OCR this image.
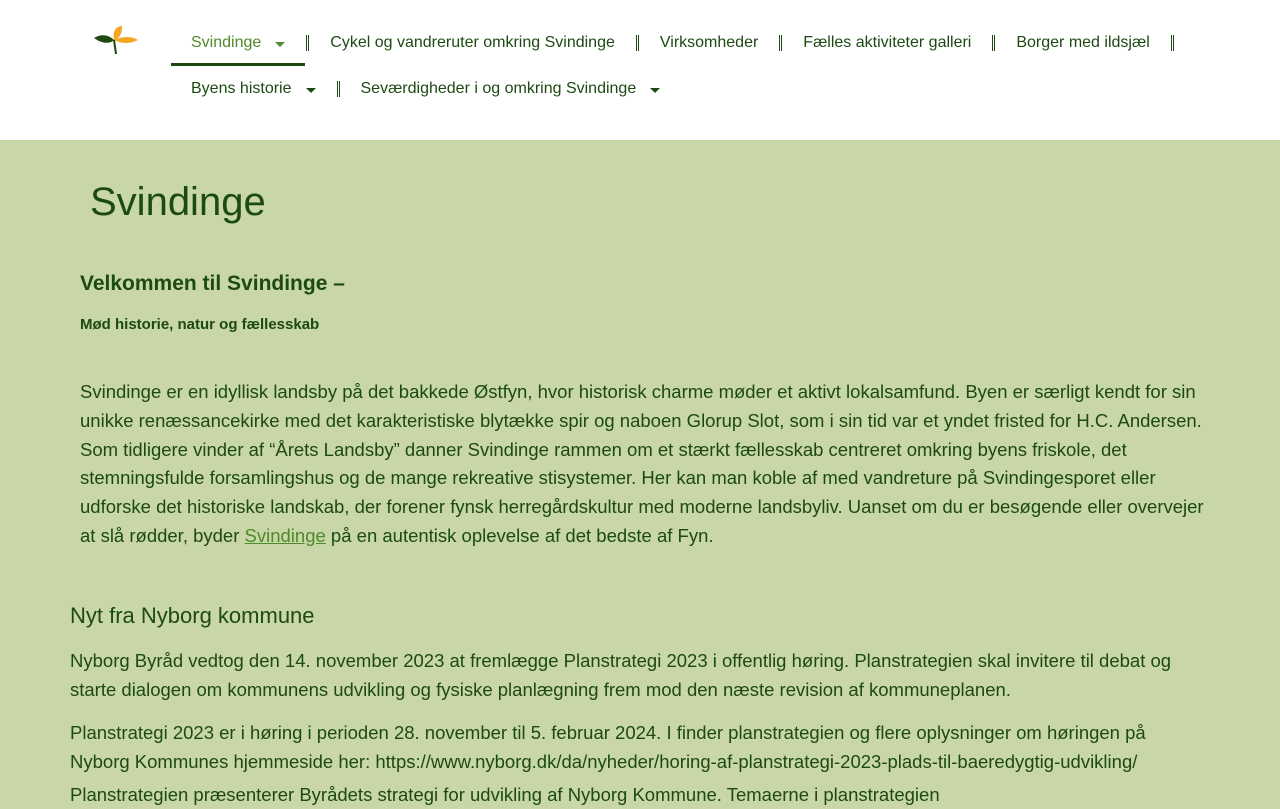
Svindinge	Cykel og vandreruter omkring Svindinge	Virksomheder	Fælles aktiviteter galleri	Borger med ildsjæl
Byens historie	Seværdigheder i og omkring Svindinge
Svindinge
Velkommen til Svindinge –
Mød historie, natur og fællesskab

Svindinge er en idyllisk landsby på det bakkede Østfyn, hvor historisk charme møder et aktivt lokalsamfund. Byen er særligt kendt for sin unikke renæssancekirke med det karakteristiske blytække spir og naboen Glorup Slot, som i sin tid var et yndet fristed for H.C. Andersen. Som tidligere vinder af “Årets Landsby” danner Svindinge rammen om et stærkt fællesskab centreret omkring byens friskole, det stemningsfulde forsamlingshus og de mange rekreative stisystemer. Her kan man koble af med vandreture på Svindingesporet eller udforske det historiske landskab, der forener fynsk herregårdskultur med moderne landsbyliv. Uanset om du er besøgende eller overvejer at slå rødder, byder Svindinge på en autentisk oplevelse af det bedste af Fyn.

Nyt fra Nyborg kommune

Nyborg Byråd vedtog den 14. november 2023 at fremlægge Planstrategi 2023 i offentlig høring. Planstrategien skal invitere til debat og starte dialogen om kommunens udvikling og fysiske planlægning frem mod den næste revision af kommuneplanen.

Planstrategi 2023 er i høring i perioden 28. november til 5. februar 2024. I finder planstrategien og flere oplysninger om høringen på Nyborg Kommunes hjemmeside her: https://www.nyborg.dk/da/nyheder/horing-af-planstrategi-2023-plads-til-baeredygtig-udvikling/

Planstrategien præsenterer Byrådets strategi for udvikling af Nyborg Kommune. Temaerne i planstrategien
